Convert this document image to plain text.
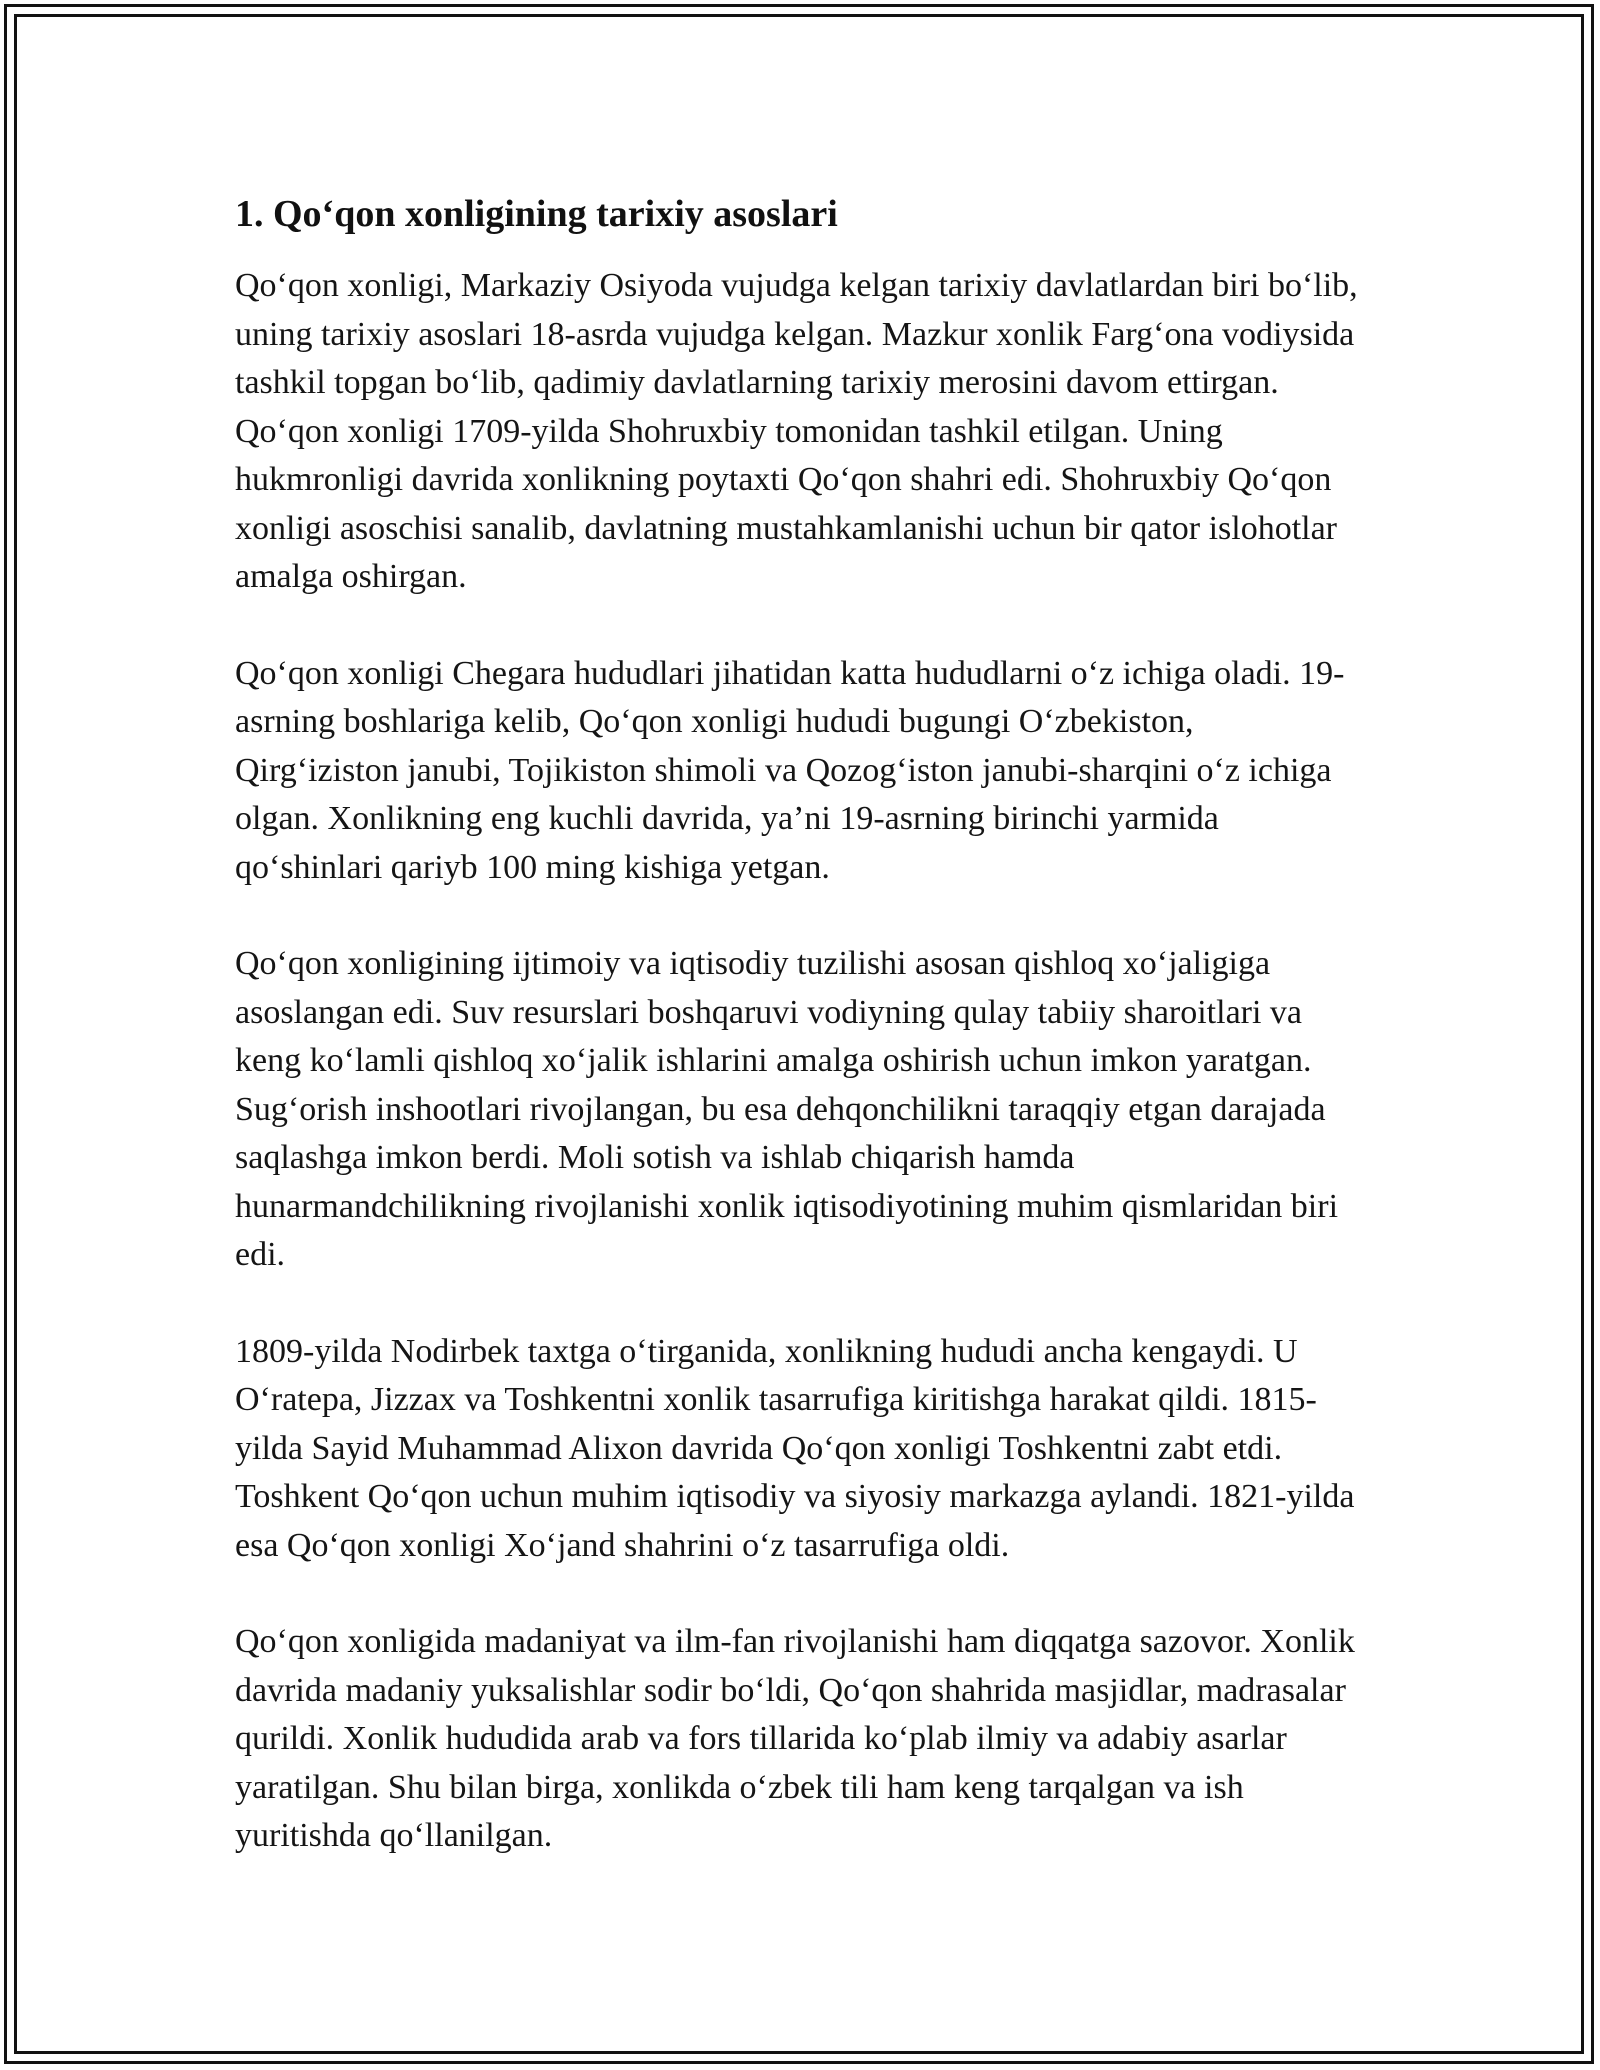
1. Qo‘qon xonligining tarixiy asoslari

Qo‘qon xonligi, Markaziy Osiyoda vujudga kelgan tarixiy davlatlardan biri bo‘lib, uning tarixiy asoslari 18-asrda vujudga kelgan. Mazkur xonlik Farg‘ona vodiysida tashkil topgan bo‘lib, qadimiy davlatlarning tarixiy merosini davom ettirgan. Qo‘qon xonligi 1709-yilda Shohruxbiy tomonidan tashkil etilgan. Uning hukmronligi davrida xonlikning poytaxti Qo‘qon shahri edi. Shohruxbiy Qo‘qon xonligi asoschisi sanalib, davlatning mustahkamlanishi uchun bir qator islohotlar amalga oshirgan.

Qo‘qon xonligi Chegara hududlari jihatidan katta hududlarni o‘z ichiga oladi. 19-asrning boshlariga kelib, Qo‘qon xonligi hududi bugungi O‘zbekiston, Qirg‘iziston janubi, Tojikiston shimoli va Qozog‘iston janubi-sharqini o‘z ichiga olgan. Xonlikning eng kuchli davrida, ya’ni 19-asrning birinchi yarmida qo‘shinlari qariyb 100 ming kishiga yetgan.

Qo‘qon xonligining ijtimoiy va iqtisodiy tuzilishi asosan qishloq xo‘jaligiga asoslangan edi. Suv resurslari boshqaruvi vodiyning qulay tabiiy sharoitlari va keng ko‘lamli qishloq xo‘jalik ishlarini amalga oshirish uchun imkon yaratgan. Sug‘orish inshootlari rivojlangan, bu esa dehqonchilikni taraqqiy etgan darajada saqlashga imkon berdi. Moli sotish va ishlab chiqarish hamda hunarmandchilikning rivojlanishi xonlik iqtisodiyotining muhim qismlaridan biri edi.

1809-yilda Nodirbek taxtga o‘tirganida, xonlikning hududi ancha kengaydi. U O‘ratepa, Jizzax va Toshkentni xonlik tasarrufiga kiritishga harakat qildi. 1815-yilda Sayid Muhammad Alixon davrida Qo‘qon xonligi Toshkentni zabt etdi. Toshkent Qo‘qon uchun muhim iqtisodiy va siyosiy markazga aylandi. 1821-yilda esa Qo‘qon xonligi Xo‘jand shahrini o‘z tasarrufiga oldi.

Qo‘qon xonligida madaniyat va ilm-fan rivojlanishi ham diqqatga sazovor. Xonlik davrida madaniy yuksalishlar sodir bo‘ldi, Qo‘qon shahrida masjidlar, madrasalar qurildi. Xonlik hududida arab va fors tillarida ko‘plab ilmiy va adabiy asarlar yaratilgan. Shu bilan birga, xonlikda o‘zbek tili ham keng tarqalgan va ish yuritishda qo‘llanilgan.
